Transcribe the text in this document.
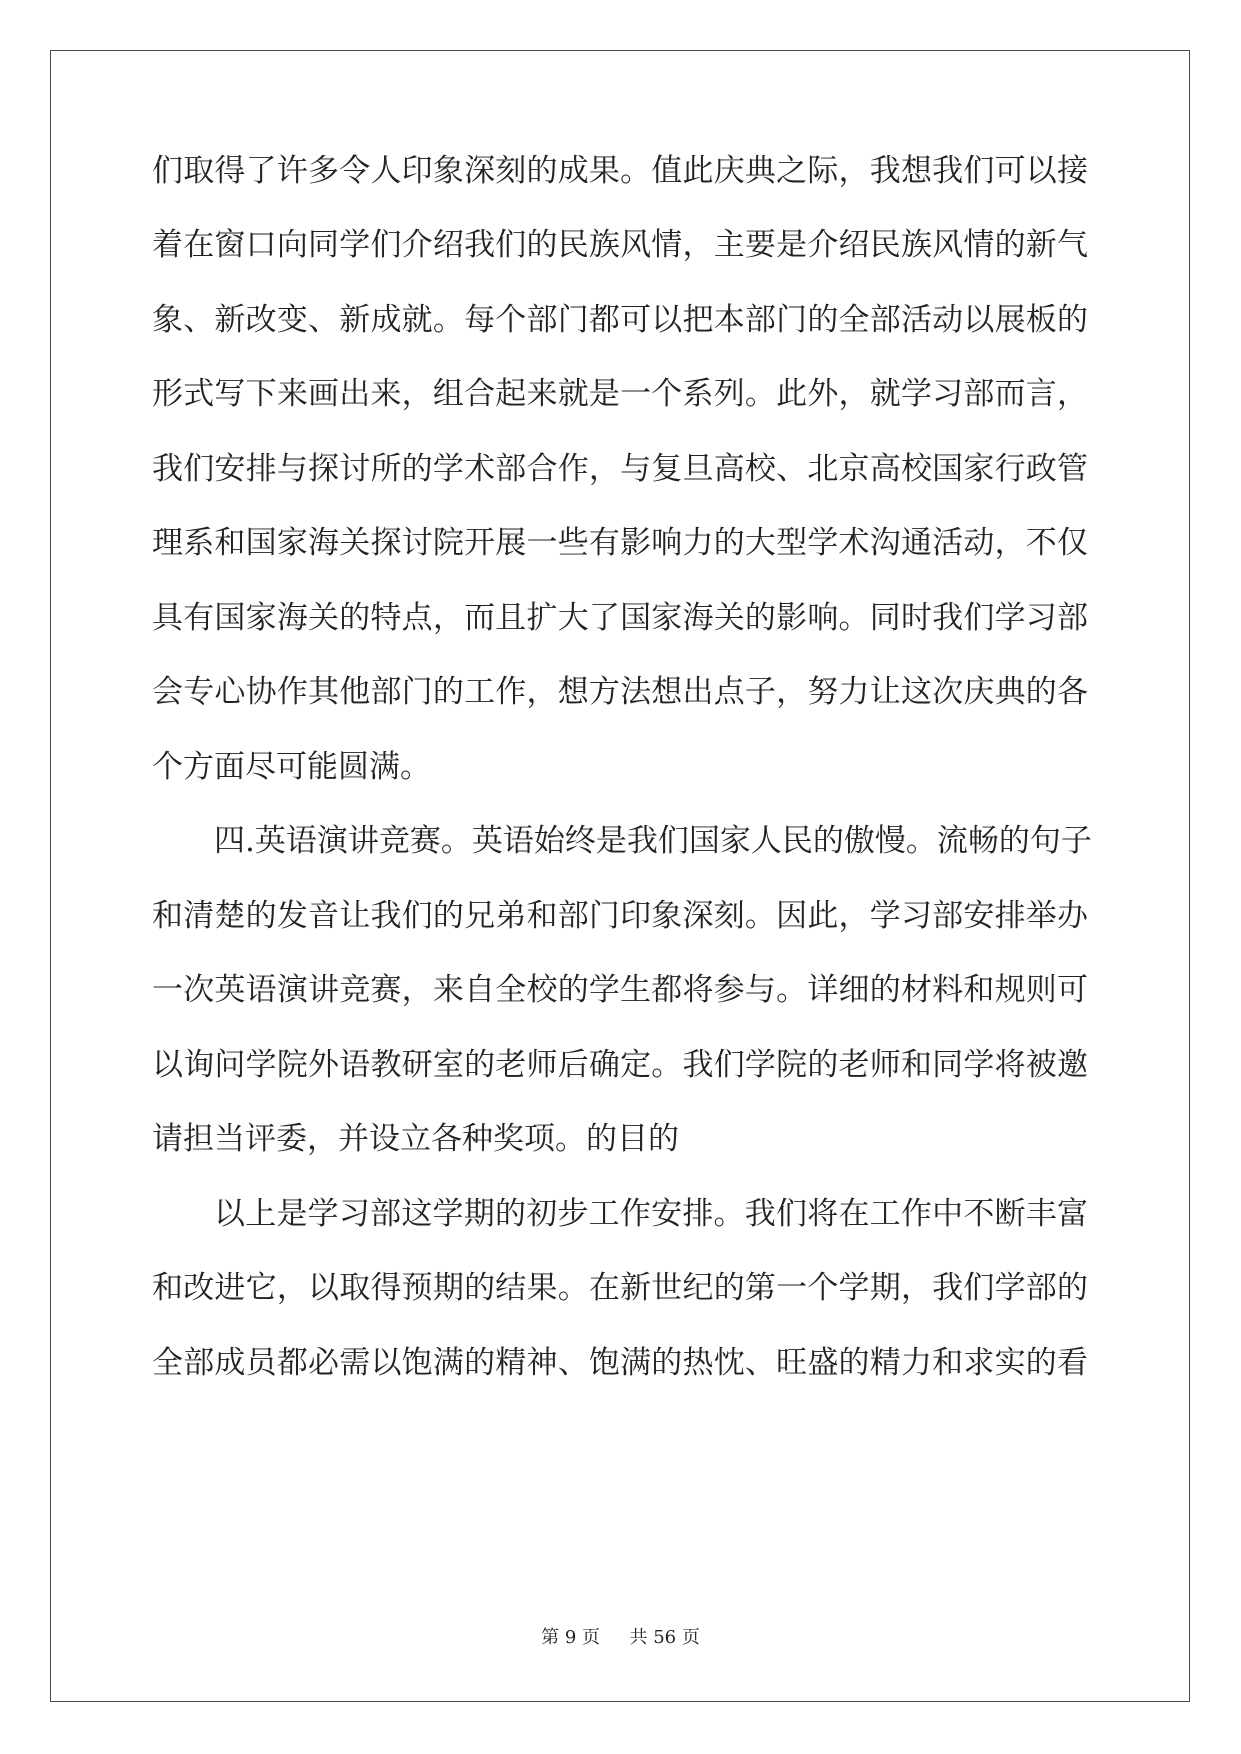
们取得了许多令人印象深刻的成果。值此庆典之际，我想我们可以接
着在窗口向同学们介绍我们的民族风情，主要是介绍民族风情的新气
象、新改变、新成就。每个部门都可以把本部门的全部活动以展板的
形式写下来画出来，组合起来就是一个系列。此外，就学习部而言，
我们安排与探讨所的学术部合作，与复旦高校、北京高校国家行政管
理系和国家海关探讨院开展一些有影响力的大型学术沟通活动，不仅
具有国家海关的特点，而且扩大了国家海关的影响。同时我们学习部
会专心协作其他部门的工作，想方法想出点子，努力让这次庆典的各
个方面尽可能圆满。
四.英语演讲竞赛。英语始终是我们国家人民的傲慢。流畅的句子
和清楚的发音让我们的兄弟和部门印象深刻。因此，学习部安排举办
一次英语演讲竞赛，来自全校的学生都将参与。详细的材料和规则可
以询问学院外语教研室的老师后确定。我们学院的老师和同学将被邀
请担当评委，并设立各种奖项。的目的
以上是学习部这学期的初步工作安排。我们将在工作中不断丰富
和改进它，以取得预期的结果。在新世纪的第一个学期，我们学部的
全部成员都必需以饱满的精神、饱满的热忱、旺盛的精力和求实的看
第 9 页 共 56 页
